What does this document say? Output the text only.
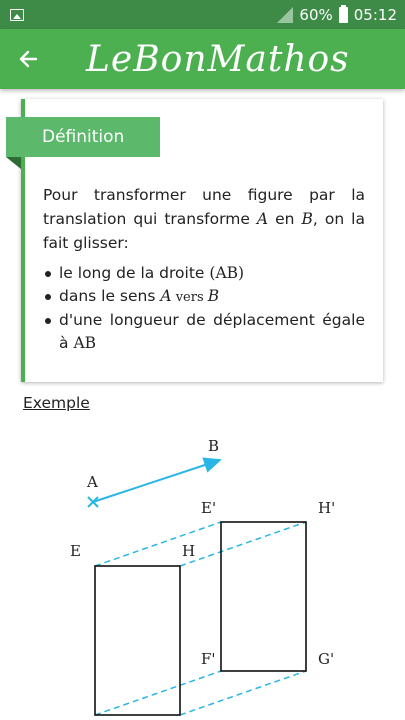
60% 05:12
LeBonMathos
Définition
Pour transformer une figure par la translation qui transforme A en B, on la fait glisser:
le long de la droite (AB)
dans le sens A vers B
d'une longueur de déplacement égale à AB
Exemple
A
B
E	H
E'	H'
F'	G'
